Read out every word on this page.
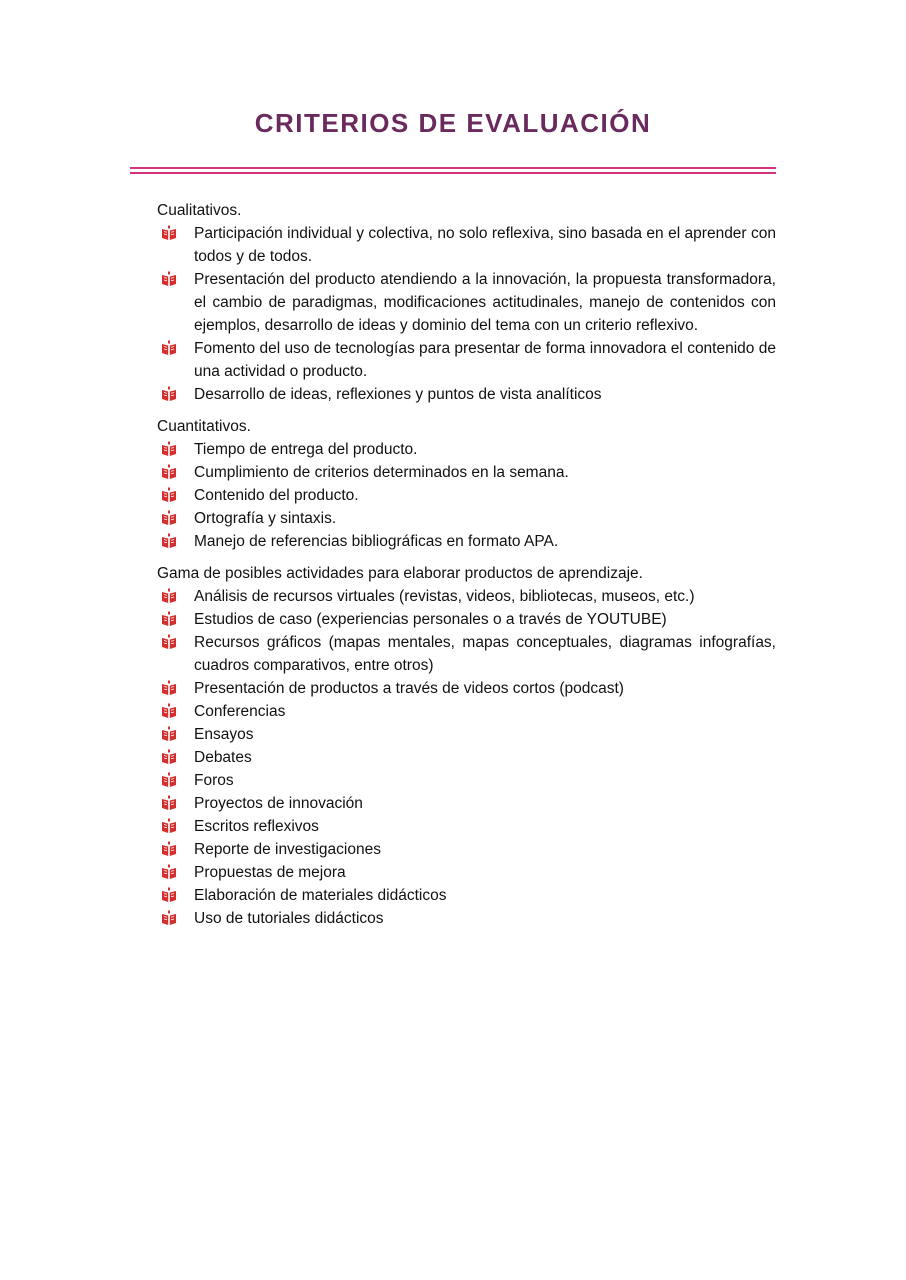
CRITERIOS DE EVALUACIÓN

Cualitativos.

Participación individual y colectiva, no solo reflexiva, sino basada en el aprender con todos y de todos.
Presentación del producto atendiendo a la innovación, la propuesta transformadora, el cambio de paradigmas, modificaciones actitudinales, manejo de contenidos con ejemplos, desarrollo de ideas y dominio del tema con un criterio reflexivo.
Fomento del uso de tecnologías para presentar de forma innovadora el contenido de una actividad o producto.
Desarrollo de ideas, reflexiones y puntos de vista analíticos

Cuantitativos.

Tiempo de entrega del producto.
Cumplimiento de criterios determinados en la semana.
Contenido del producto.
Ortografía y sintaxis.
Manejo de referencias bibliográficas en formato APA.

Gama de posibles actividades para elaborar productos de aprendizaje.

Análisis de recursos virtuales (revistas, videos, bibliotecas, museos, etc.)
Estudios de caso (experiencias personales o a través de YOUTUBE)
Recursos gráficos (mapas mentales, mapas conceptuales, diagramas infografías, cuadros comparativos, entre otros)
Presentación de productos a través de videos cortos (podcast)
Conferencias
Ensayos
Debates
Foros
Proyectos de innovación
Escritos reflexivos
Reporte de investigaciones
Propuestas de mejora
Elaboración de materiales didácticos
Uso de tutoriales didácticos
